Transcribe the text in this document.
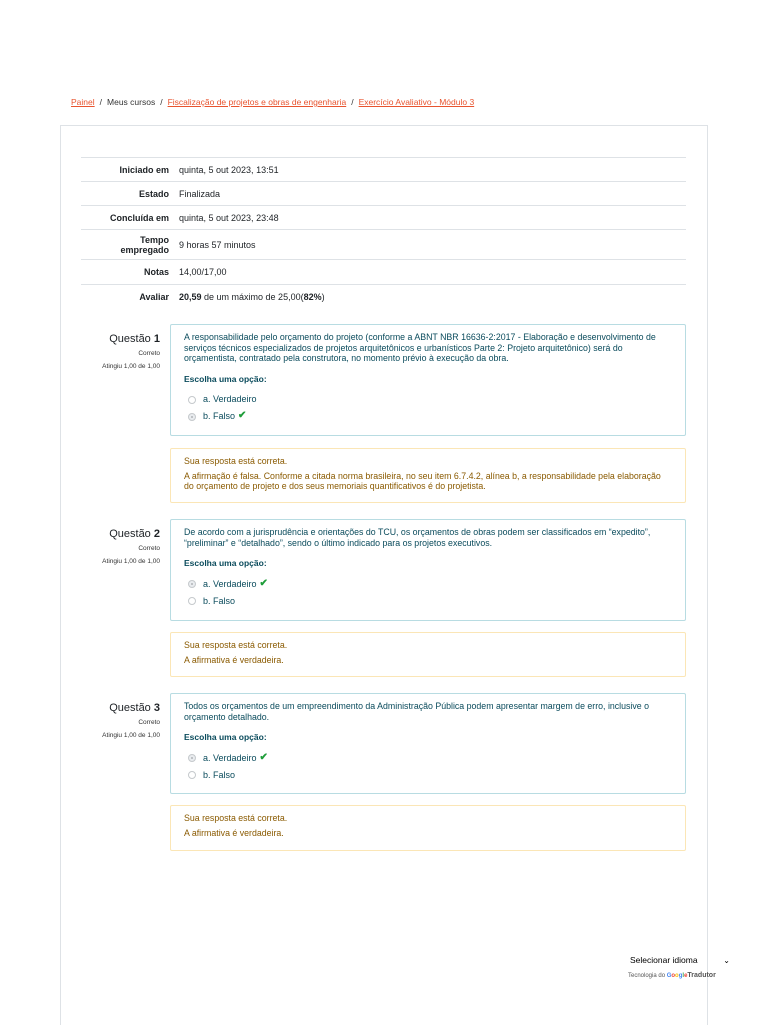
Painel / Meus cursos / Fiscalização de projetos e obras de engenharia / Exercício Avaliativo - Módulo 3
Iniciado em	quinta, 5 out 2023, 13:51
Estado	Finalizada
Concluída em	quinta, 5 out 2023, 23:48
Tempo
empregado	9 horas 57 minutos
Notas	14,00/17,00
Avaliar	20,59 de um máximo de 25,00(82%)
Questão 1
Correto
Atingiu 1,00 de 1,00
A responsabilidade pelo orçamento do projeto (conforme a ABNT NBR 16636-2:2017 - Elaboração e desenvolvimento de serviços técnicos especializados de projetos arquitetônicos e urbanísticos Parte 2: Projeto arquitetônico) será do orçamentista, contratado pela construtora, no momento prévio à execução da obra.
Escolha uma opção:
a. Verdadeiro
b. Falso ✔
Sua resposta está correta.
A afirmação é falsa. Conforme a citada norma brasileira, no seu item 6.7.4.2, alínea b, a responsabilidade pela elaboração do orçamento de projeto e dos seus memoriais quantificativos é do projetista.
Questão 2
Correto
Atingiu 1,00 de 1,00
De acordo com a jurisprudência e orientações do TCU, os orçamentos de obras podem ser classificados em “expedito”, “preliminar” e “detalhado”, sendo o último indicado para os projetos executivos.
Escolha uma opção:
a. Verdadeiro ✔
b. Falso
Sua resposta está correta.
A afirmativa é verdadeira.
Questão 3
Correto
Atingiu 1,00 de 1,00
Todos os orçamentos de um empreendimento da Administração Pública podem apresentar margem de erro, inclusive o orçamento detalhado.
Escolha uma opção:
a. Verdadeiro ✔
b. Falso
Sua resposta está correta.
A afirmativa é verdadeira.
Selecionar idioma	⌄
Tecnologia do GoogleTradutor
